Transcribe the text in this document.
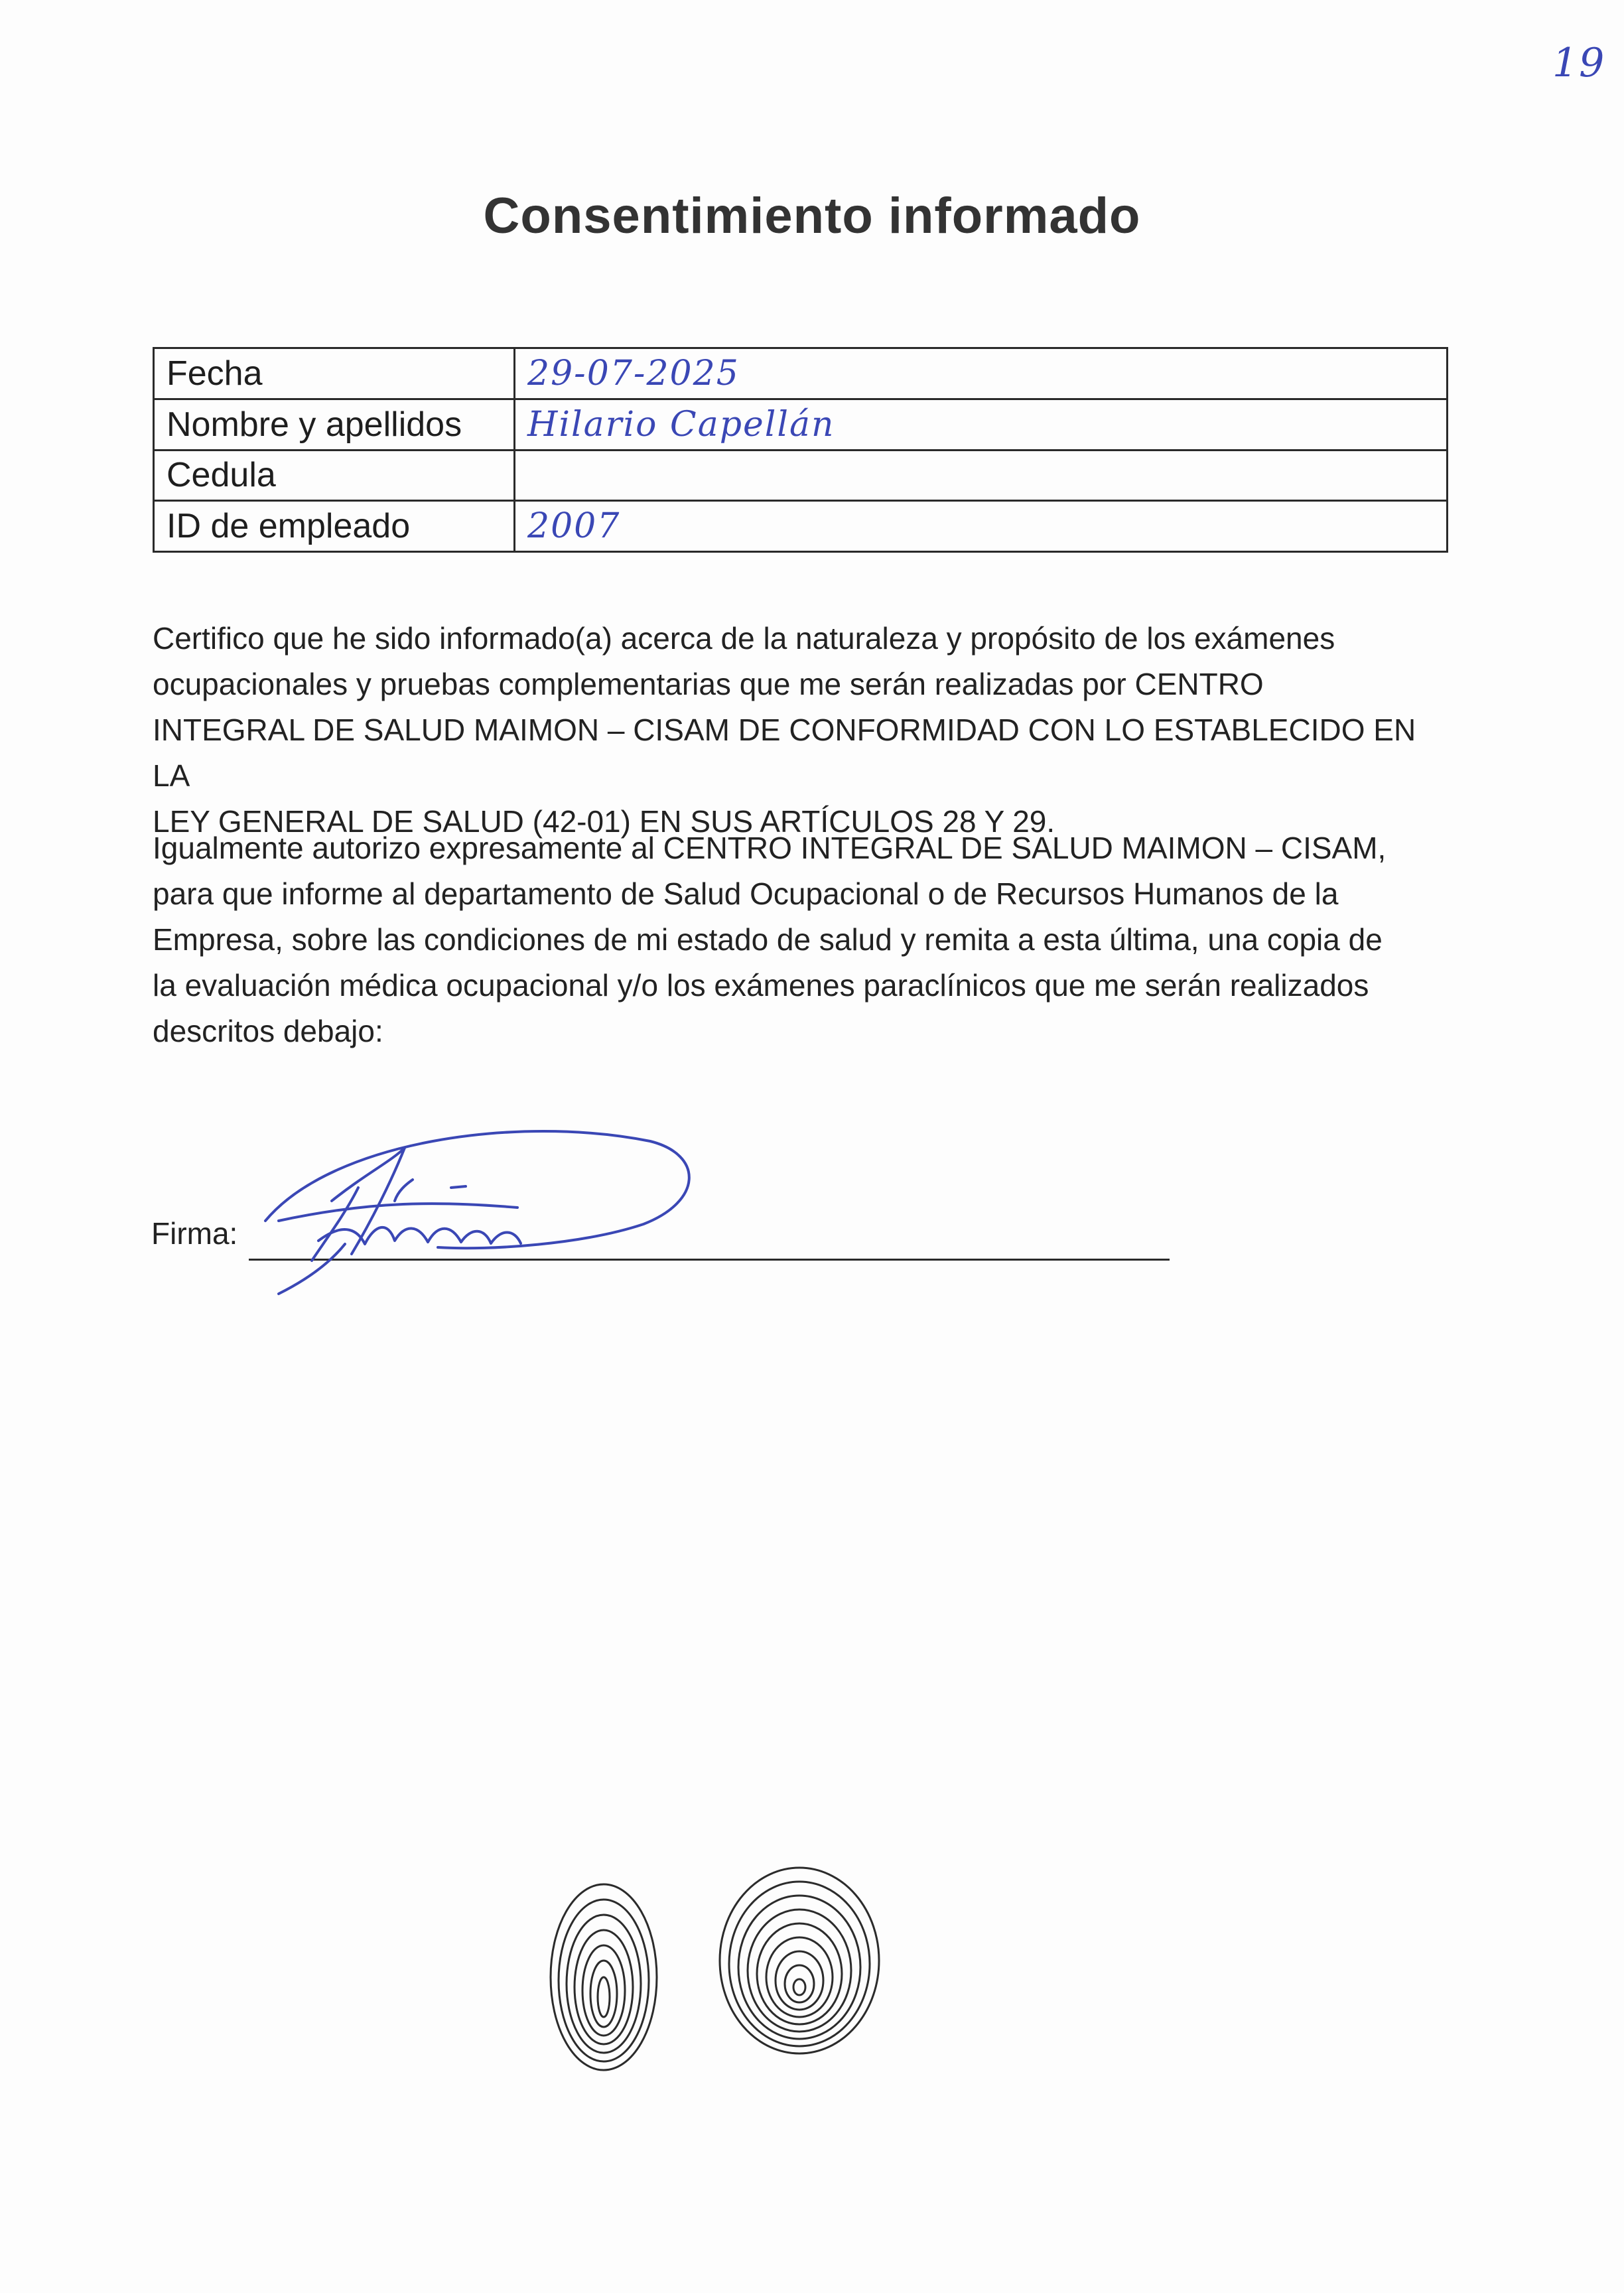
19
Consentimiento informado
Fecha	29-07-2025
Nombre y apellidos	Hilario Capellán
Cedula	
ID de empleado	2007

Certifico que he sido informado(a) acerca de la naturaleza y propósito de los exámenes

ocupacionales y pruebas complementarias que me serán realizadas por CENTRO

INTEGRAL DE SALUD MAIMON – CISAM DE CONFORMIDAD CON LO ESTABLECIDO EN LA

LEY GENERAL DE SALUD (42-01) EN SUS ARTÍCULOS 28 Y 29.

Igualmente autorizo expresamente al CENTRO INTEGRAL DE SALUD MAIMON – CISAM,

para que informe al departamento de Salud Ocupacional o de Recursos Humanos de la

Empresa, sobre las condiciones de mi estado de salud y remita a esta última, una copia de

la evaluación médica ocupacional y/o los exámenes paraclínicos que me serán realizados

descritos debajo:

Firma:
